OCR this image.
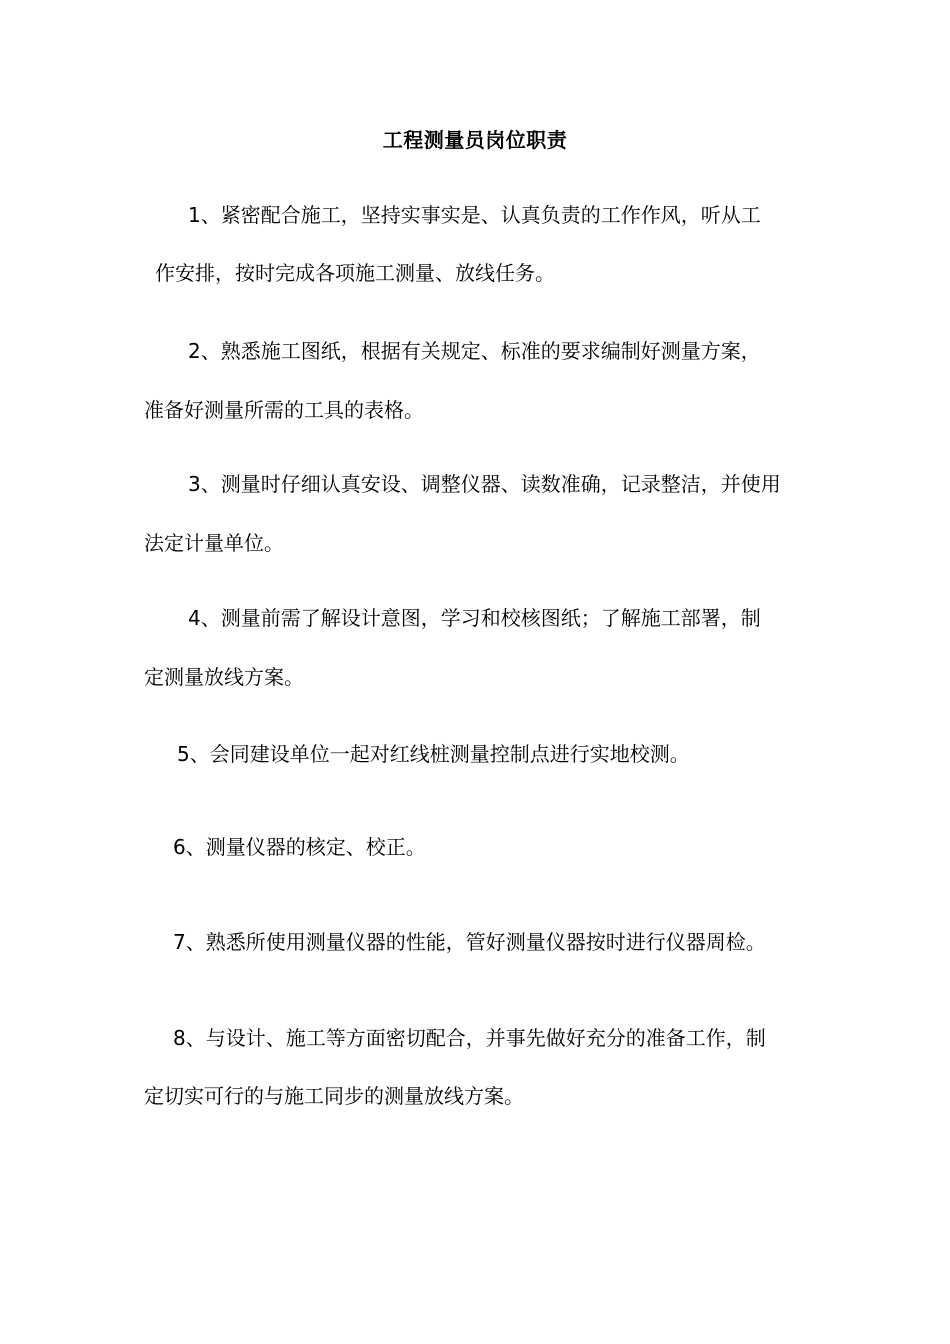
工程测量员岗位职责
1、紧密配合施工，坚持实事实是、认真负责的工作作风，听从工
作安排，按时完成各项施工测量、放线任务。
2、熟悉施工图纸，根据有关规定、标准的要求编制好测量方案，
准备好测量所需的工具的表格。
3、测量时仔细认真安设、调整仪器、读数准确，记录整洁，并使用
法定计量单位。
4、测量前需了解设计意图，学习和校核图纸；了解施工部署，制
定测量放线方案。
5、会同建设单位一起对红线桩测量控制点进行实地校测。
6、测量仪器的核定、校正。
7、熟悉所使用测量仪器的性能，管好测量仪器按时进行仪器周检。
8、与设计、施工等方面密切配合，并事先做好充分的准备工作，制
定切实可行的与施工同步的测量放线方案。
